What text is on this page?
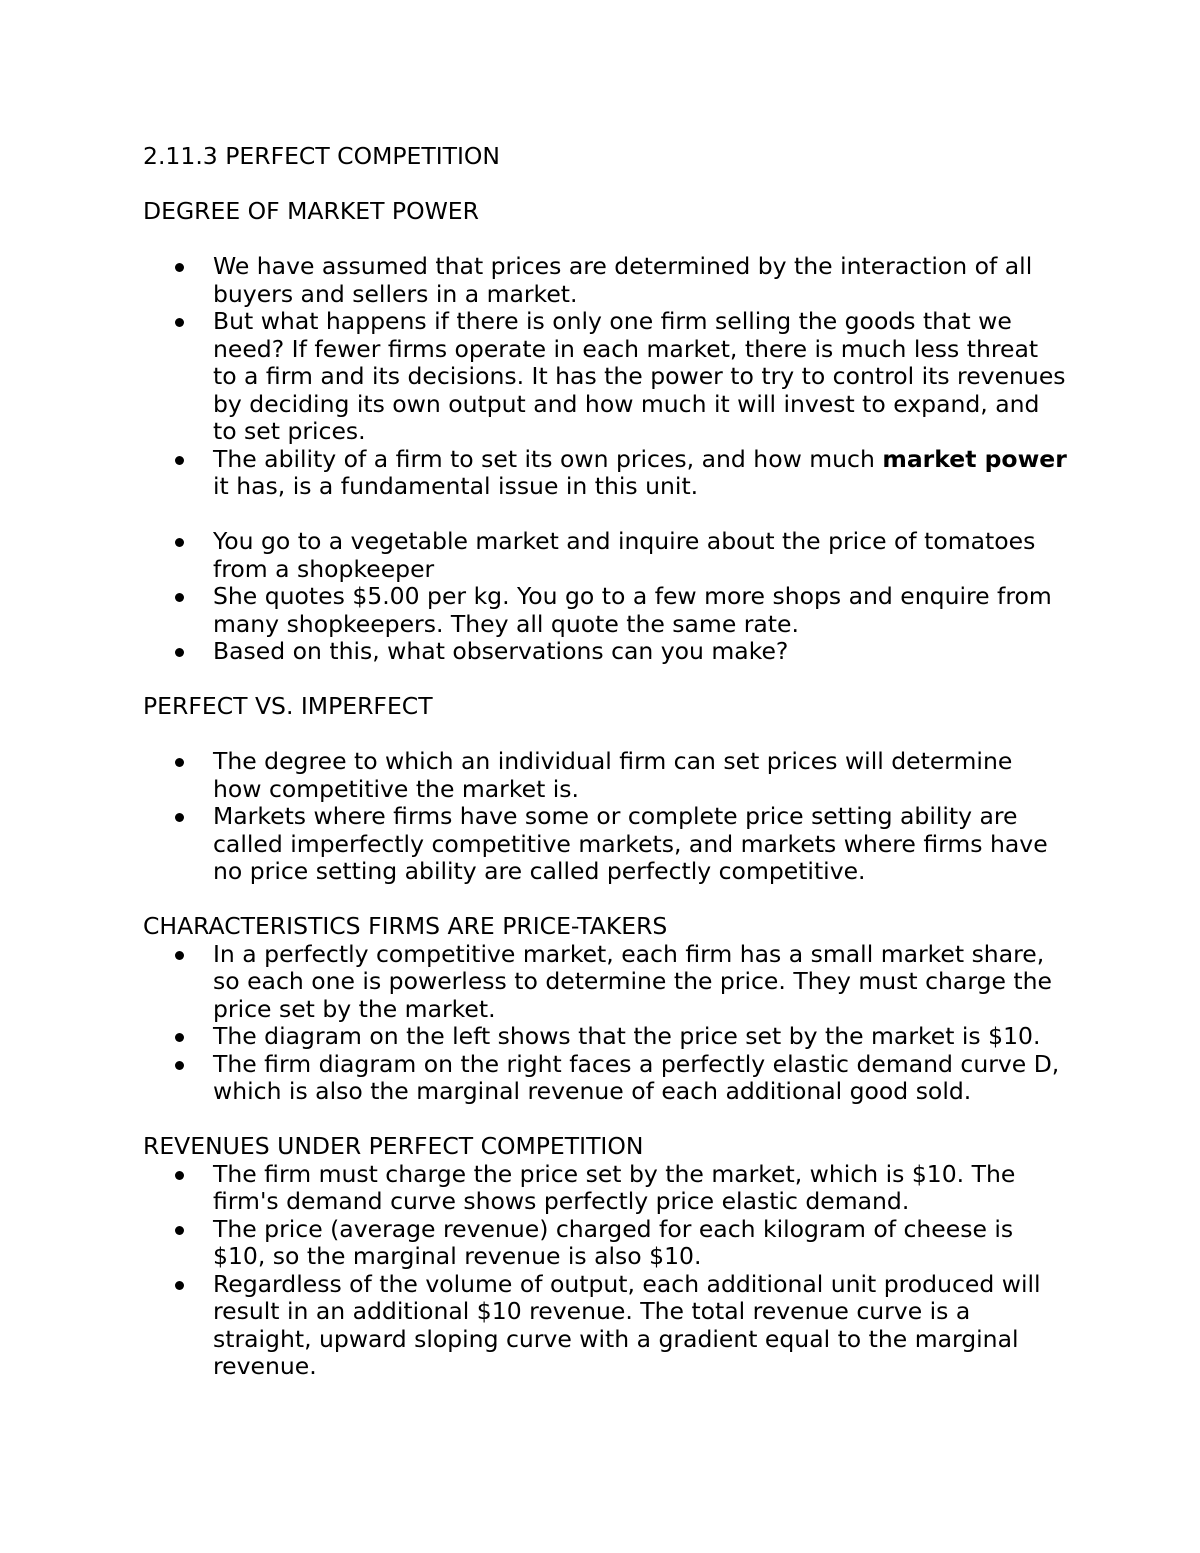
2.11.3 PERFECT COMPETITION
DEGREE OF MARKET POWER
We have assumed that prices are determined by the interaction of all buyers and sellers in a market.
But what happens if there is only one firm selling the goods that we need? If fewer firms operate in each market, there is much less threat to a firm and its decisions. It has the power to try to control its revenues by deciding its own output and how much it will invest to expand, and to set prices.
The ability of a firm to set its own prices, and how much market power it has, is a fundamental issue in this unit.
You go to a vegetable market and inquire about the price of tomatoes from a shopkeeper
She quotes $5.00 per kg. You go to a few more shops and enquire from many shopkeepers. They all quote the same rate.
Based on this, what observations can you make?
PERFECT VS. IMPERFECT
The degree to which an individual firm can set prices will determine how competitive the market is.
Markets where firms have some or complete price setting ability are called imperfectly competitive markets, and markets where firms have no price setting ability are called perfectly competitive.
CHARACTERISTICS FIRMS ARE PRICE-TAKERS
In a perfectly competitive market, each firm has a small market share, so each one is powerless to determine the price. They must charge the price set by the market.
The diagram on the left shows that the price set by the market is $10.
The firm diagram on the right faces a perfectly elastic demand curve D, which is also the marginal revenue of each additional good sold.
REVENUES UNDER PERFECT COMPETITION
The firm must charge the price set by the market, which is $10. The firm's demand curve shows perfectly price elastic demand.
The price (average revenue) charged for each kilogram of cheese is $10, so the marginal revenue is also $10.
Regardless of the volume of output, each additional unit produced will result in an additional $10 revenue. The total revenue curve is a straight, upward sloping curve with a gradient equal to the marginal revenue.
